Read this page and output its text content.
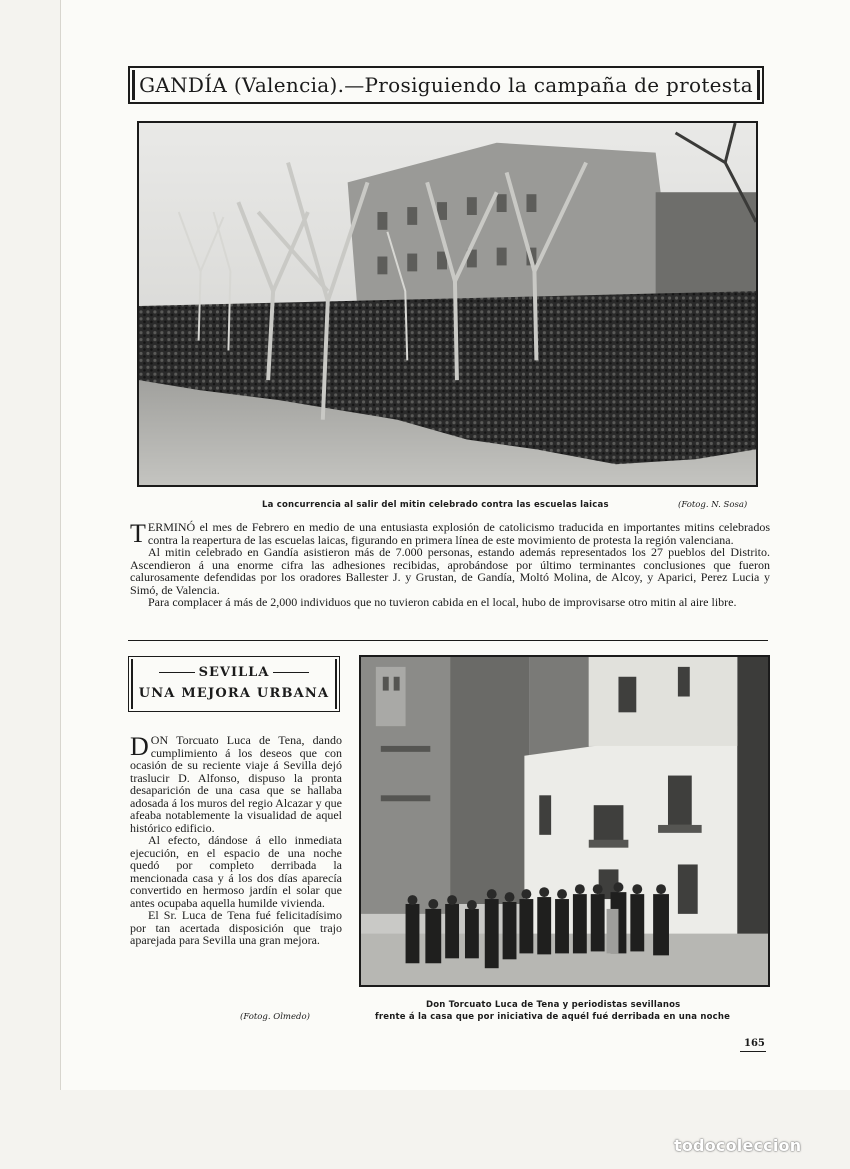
GANDÍA (Valencia).—Prosiguiendo la campaña de protesta
La concurrencia al salir del mitin celebrado contra las escuelas laicas	(Fotog. N. Sosa)

TERMINÓ el mes de Febrero en medio de una entusiasta explosión de catolicismo traducida en importantes mitins celebrados contra la reapertura de las escuelas laicas, figurando en primera línea de este movimiento de protesta la región valenciana.

Al mitin celebrado en Gandía asistieron más de 7.000 personas, estando además representados los 27 pueblos del Distrito. Ascendieron á una enorme cifra las adhesiones recibidas, aprobándose por último terminantes conclusiones que fueron calurosamente defendidas por los oradores Ballester J. y Grustan, de Gandía, Moltó Molina, de Alcoy, y Aparici, Perez Lucia y Simó, de Valencia.

Para complacer á más de 2,000 individuos que no tuvieron cabida en el local, hubo de improvisarse otro mitin al aire libre.

SEVILLA
UNA MEJORA URBANA

DON Torcuato Luca de Tena, dando cumplimiento á los deseos que con ocasión de su reciente viaje á Sevilla dejó traslucir D. Alfonso, dispuso la pronta desaparición de una casa que se hallaba adosada á los muros del regio Alcazar y que afeaba notablemente la visualidad de aquel histórico edificio.

Al efecto, dándose á ello inmediata ejecución, en el espacio de una noche quedó por completo derribada la mencionada casa y á los dos días aparecía convertido en hermoso jardín el solar que antes ocupaba aquella humilde vivienda.

El Sr. Luca de Tena fué felicitadísimo por tan acertada disposición que trajo aparejada para Sevilla una gran mejora.

(Fotog. Olmedo)
Don Torcuato Luca de Tena y periodistas sevillanos
frente á la casa que por iniciativa de aquél fué derribada en una noche
165
todocoleccion
